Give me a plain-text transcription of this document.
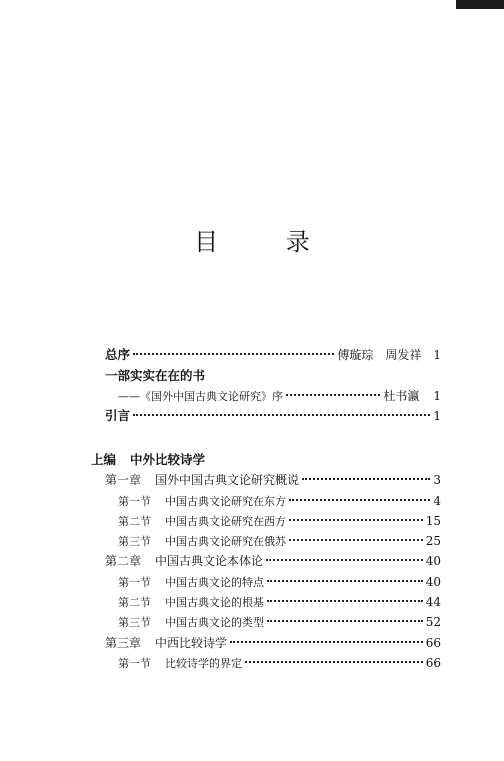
目 录
总序	傅璇琮　周发祥 1
一部实实在在的书
——《国外中国古典文论研究》序	杜书瀛 1
引言	1
上编 中外比较诗学
第一章 国外中国古典文论研究概说	3
第一节 中国古典文论研究在东方	4
第二节 中国古典文论研究在西方	15
第三节 中国古典文论研究在俄苏	25
第二章 中国古典文论本体论	40
第一节 中国古典文论的特点	40
第二节 中国古典文论的根基	44
第三节 中国古典文论的类型	52
第三章 中西比较诗学	66
第一节 比较诗学的界定	66
